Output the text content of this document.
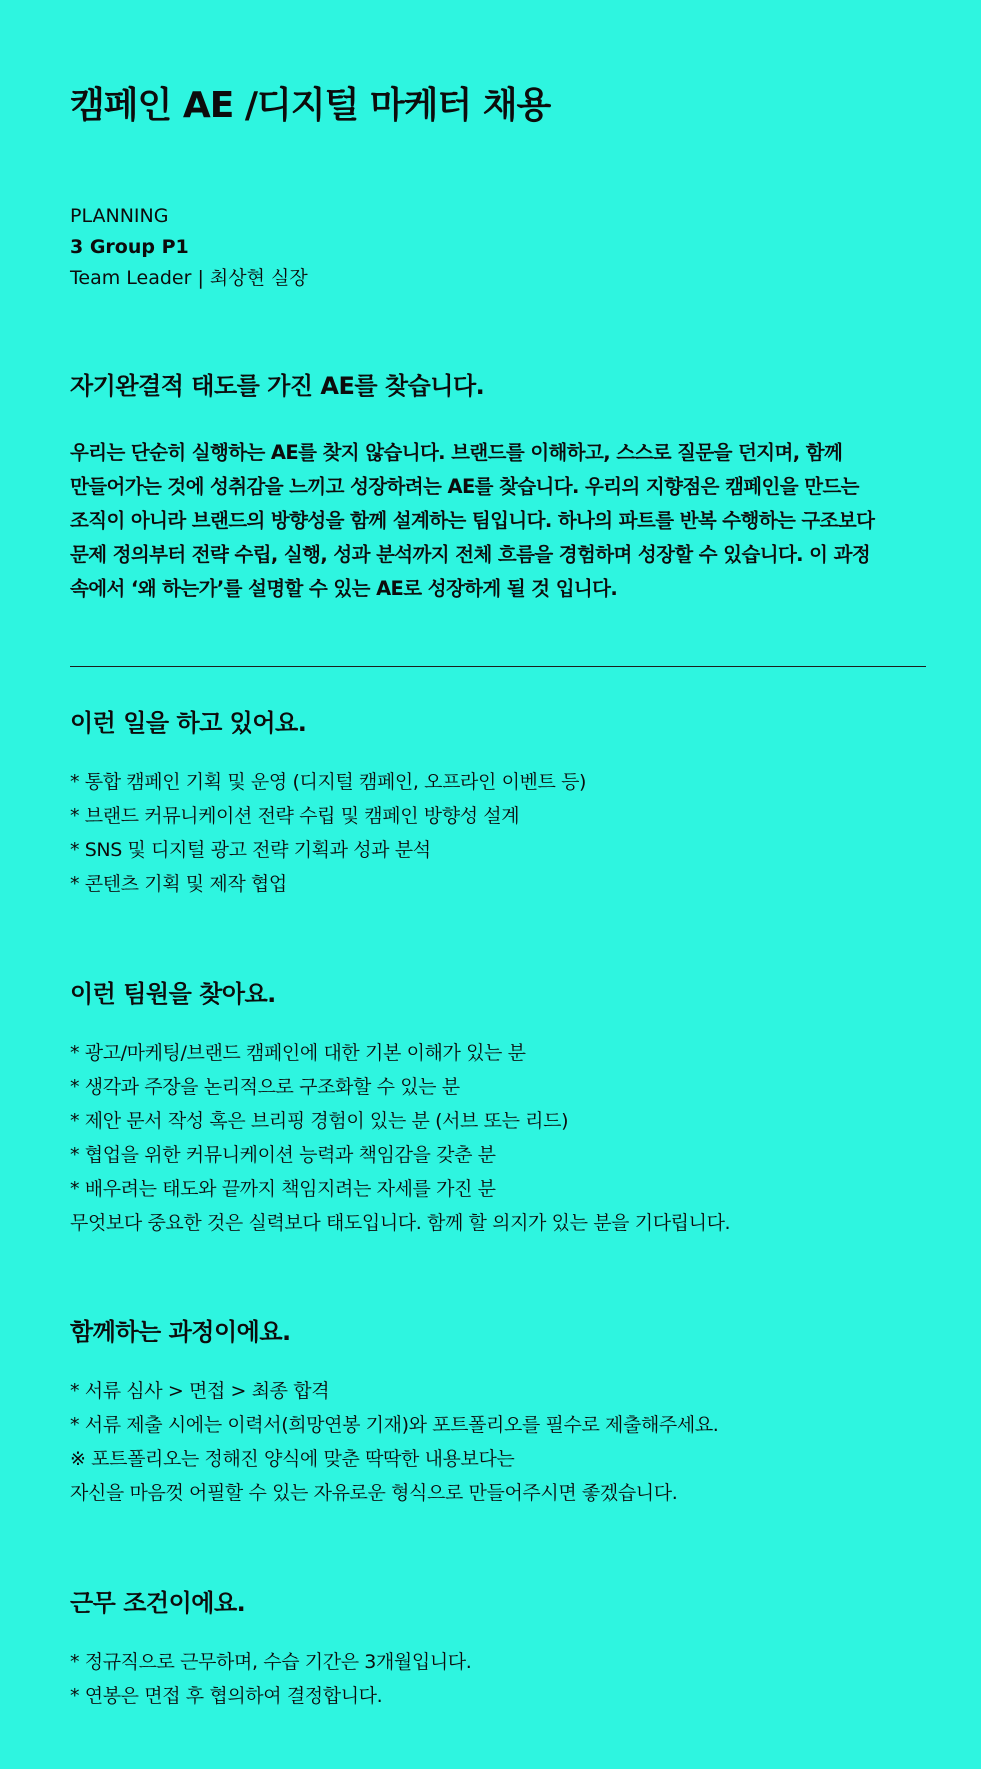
캠페인 AE /디지털 마케터 채용
PLANNING
3 Group P1
Team Leader | 최상현 실장
자기완결적 태도를 가진 AE를 찾습니다.

우리는 단순히 실행하는 AE를 찾지 않습니다. 브랜드를 이해하고, 스스로 질문을 던지며, 함께
만들어가는 것에 성취감을 느끼고 성장하려는 AE를 찾습니다. 우리의 지향점은 캠페인을 만드는
조직이 아니라 브랜드의 방향성을 함께 설계하는 팀입니다. 하나의 파트를 반복 수행하는 구조보다
문제 정의부터 전략 수립, 실행, 성과 분석까지 전체 흐름을 경험하며 성장할 수 있습니다. 이 과정
속에서 ‘왜 하는가’를 설명할 수 있는 AE로 성장하게 될 것 입니다.

이런 일을 하고 있어요.
* 통합 캠페인 기획 및 운영 (디지털 캠페인, 오프라인 이벤트 등)
* 브랜드 커뮤니케이션 전략 수립 및 캠페인 방향성 설계
* SNS 및 디지털 광고 전략 기획과 성과 분석
* 콘텐츠 기획 및 제작 협업
이런 팀원을 찾아요.
* 광고/마케팅/브랜드 캠페인에 대한 기본 이해가 있는 분
* 생각과 주장을 논리적으로 구조화할 수 있는 분
* 제안 문서 작성 혹은 브리핑 경험이 있는 분 (서브 또는 리드)
* 협업을 위한 커뮤니케이션 능력과 책임감을 갖춘 분
* 배우려는 태도와 끝까지 책임지려는 자세를 가진 분
무엇보다 중요한 것은 실력보다 태도입니다. 함께 할 의지가 있는 분을 기다립니다.
함께하는 과정이에요.
* 서류 심사 > 면접 > 최종 합격
* 서류 제출 시에는 이력서(희망연봉 기재)와 포트폴리오를 필수로 제출해주세요.
※ 포트폴리오는 정해진 양식에 맞춘 딱딱한 내용보다는
자신을 마음껏 어필할 수 있는 자유로운 형식으로 만들어주시면 좋겠습니다.
근무 조건이에요.
* 정규직으로 근무하며, 수습 기간은 3개월입니다.
* 연봉은 면접 후 협의하여 결정합니다.
